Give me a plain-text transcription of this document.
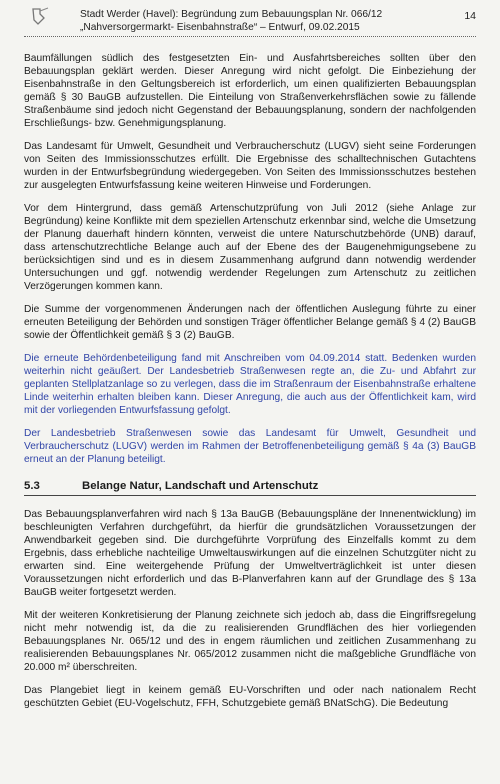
Stadt Werder (Havel): Begründung zum Bebauungsplan Nr. 066/12 „Nahversorgermarkt- Eisenbahnstraße“ – Entwurf, 09.02.2015
14

Baumfällungen südlich des festgesetzten Ein- und Ausfahrtsbereiches sollten über den Bebauungsplan geklärt werden. Dieser Anregung wird nicht gefolgt. Die Einbeziehung der Eisenbahnstraße in den Geltungsbereich ist erforderlich, um einen qualifizierten Bebauungsplan gemäß § 30 BauGB aufzustellen. Die Einteilung von Straßenverkehrsflächen sowie zu fällende Straßenbäume sind jedoch nicht Gegenstand der Bebauungsplanung, sondern der nachfolgenden Erschließungs- bzw. Genehmigungsplanung.

Das Landesamt für Umwelt, Gesundheit und Verbraucherschutz (LUGV) sieht seine Forderungen von Seiten des Immissionsschutzes erfüllt. Die Ergebnisse des schalltechnischen Gutachtens wurden in der Entwurfsbegründung wiedergegeben. Von Seiten des Immissionsschutzes bestehen zur ausgelegten Entwurfsfassung keine weiteren Hinweise und Forderungen.

Vor dem Hintergrund, dass gemäß Artenschutzprüfung von Juli 2012 (siehe Anlage zur Begründung) keine Konflikte mit dem speziellen Artenschutz erkennbar sind, welche die Umsetzung der Planung dauerhaft hindern könnten, verweist die untere Naturschutzbehörde (UNB) darauf, dass artenschutzrechtliche Belange auch auf der Ebene des der Baugenehmigungsebene zu berücksichtigen sind und es in diesem Zusammenhang aufgrund dann notwendig werdender Untersuchungen und ggf. notwendig werdender Regelungen zum Artenschutz zu zeitlichen Verzögerungen kommen kann.

Die Summe der vorgenommenen Änderungen nach der öffentlichen Auslegung führte zu einer erneuten Beteiligung der Behörden und sonstigen Träger öffentlicher Belange gemäß § 4 (2) BauGB sowie der Öffentlichkeit gemäß § 3 (2) BauGB.

Die erneute Behördenbeteiligung fand mit Anschreiben vom 04.09.2014 statt. Bedenken wurden weiterhin nicht geäußert. Der Landesbetrieb Straßenwesen regte an, die Zu- und Abfahrt zur geplanten Stellplatzanlage so zu verlegen, dass die im Straßenraum der Eisenbahnstraße erhaltene Linde weiterhin erhalten bleiben kann. Dieser Anregung, die auch aus der Öffentlichkeit kam, wird mit der vorliegenden Entwurfsfassung gefolgt.

Der Landesbetrieb Straßenwesen sowie das Landesamt für Umwelt, Gesundheit und Verbraucherschutz (LUGV) werden im Rahmen der Betroffenenbeteiligung gemäß § 4a (3) BauGB erneut an der Planung beteiligt.

5.3	Belange Natur, Landschaft und Artenschutz

Das Bebauungsplanverfahren wird nach § 13a BauGB (Bebauungspläne der Innenentwicklung) im beschleunigten Verfahren durchgeführt, da hierfür die grundsätzlichen Voraussetzungen der Anwendbarkeit gegeben sind. Die durchgeführte Vorprüfung des Einzelfalls kommt zu dem Ergebnis, dass erhebliche nachteilige Umweltauswirkungen auf die einzelnen Schutzgüter nicht zu erwarten sind. Eine weitergehende Prüfung der Umweltverträglichkeit ist unter diesen Voraussetzungen nicht erforderlich und das B-Planverfahren kann auf der Grundlage des § 13a BauGB weiter fortgesetzt werden.

Mit der weiteren Konkretisierung der Planung zeichnete sich jedoch ab, dass die Eingriffsregelung nicht mehr notwendig ist, da die zu realisierenden Grundflächen des hier vorliegenden Bebauungsplanes Nr. 065/12 und des in engem räumlichen und zeitlichen Zusammenhang zu realisierenden Bebauungsplanes Nr. 065/2012 zusammen nicht die maßgebliche Grundfläche von 20.000 m² überschreiten.

Das Plangebiet liegt in keinem gemäß EU-Vorschriften und oder nach nationalem Recht geschützten Gebiet (EU-Vogelschutz, FFH, Schutzgebiete gemäß BNatSchG). Die Bedeutung
